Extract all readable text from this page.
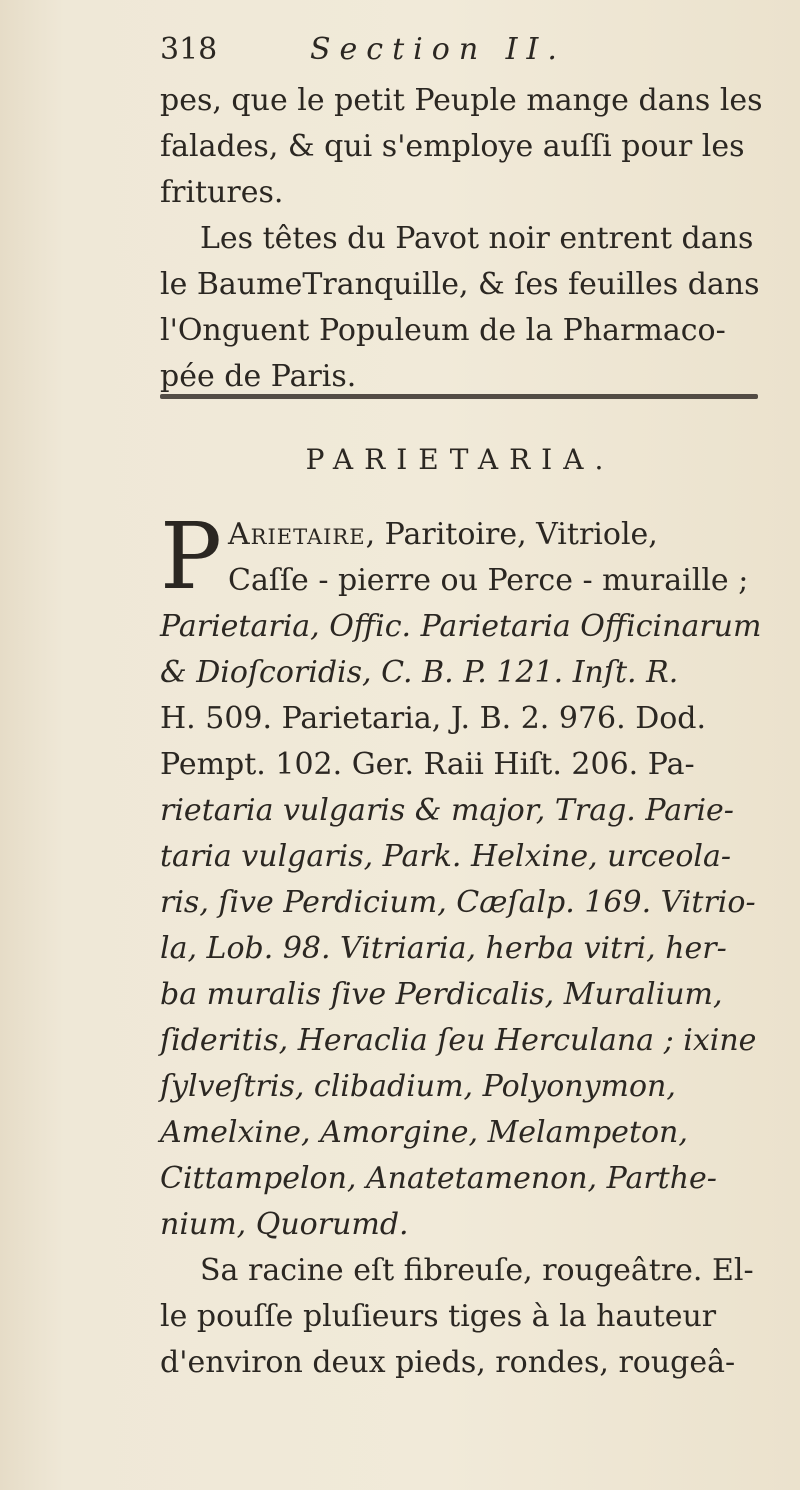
318	Section II.
pes, que le petit Peuple mange dans les
falades, & qui s'employe auſſi pour les
fritures.
Les têtes du Pavot noir entrent dans
le BaumeTranquille, & ſes feuilles dans
l'Onguent Populeum de la Pharmaco-
pée de Paris.
PARIETARIA.
P Arietaire, Paritoire, Vitriole,
Caſſe - pierre ou Perce - muraille ;
Parietaria, Offic. Parietaria Officinarum
& Dioſcoridis, C. B. P. 121. Inſt. R.
H. 509. Parietaria, J. B. 2. 976. Dod.
Pempt. 102. Ger. Raii Hiſt. 206. Pa-
rietaria vulgaris & major, Trag. Parie-
taria vulgaris, Park. Helxine, urceola-
ris, ſive Perdicium, Cæſalp. 169. Vitrio-
la, Lob. 98. Vitriaria, herba vitri, her-
ba muralis ſive Perdicalis, Muralium,
ſideritis, Heraclia ſeu Herculana ; ixine
ſylveſtris, clibadium, Polyonymon,
Amelxine, Amorgine, Melampeton,
Cittampelon, Anatetamenon, Parthe-
nium, Quorumd.
Sa racine eſt fibreuſe, rougeâtre. El-
le pouſſe pluſieurs tiges à la hauteur
d'environ deux pieds, rondes, rougeâ-
